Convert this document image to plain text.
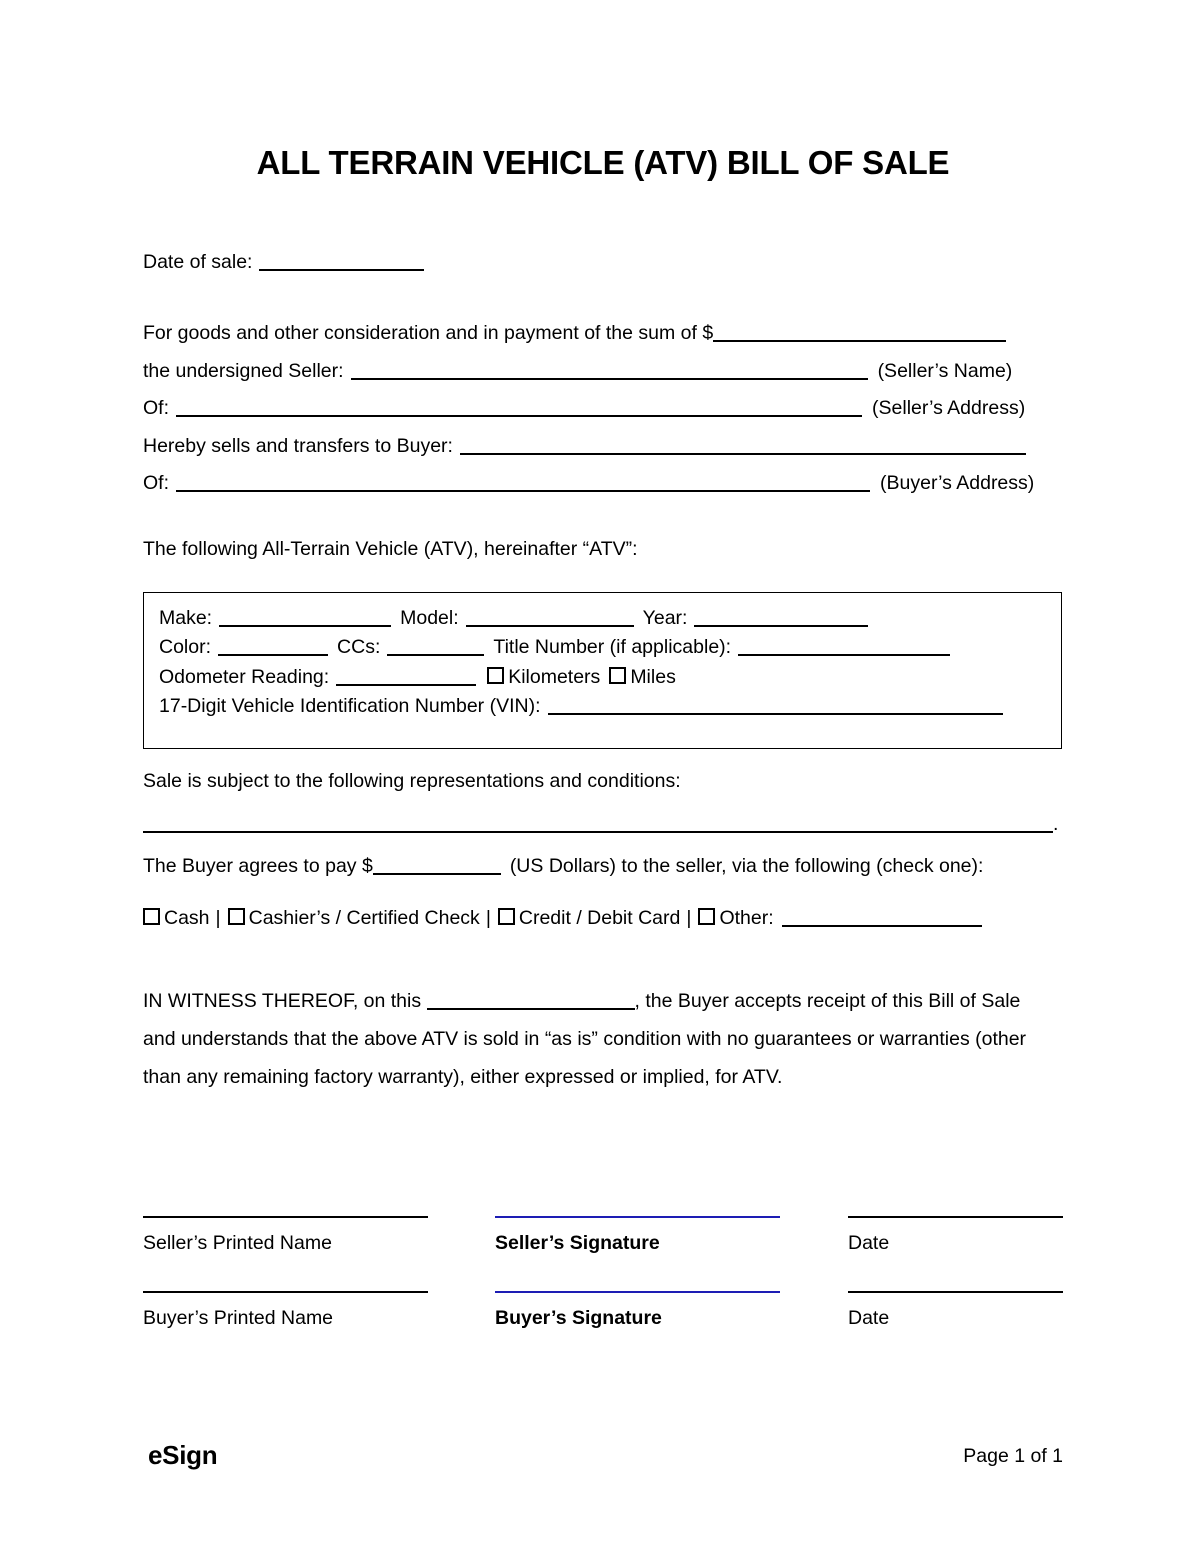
ALL TERRAIN VEHICLE (ATV) BILL OF SALE
Date of sale:
For goods and other consideration and in payment of the sum of $
the undersigned Seller:	(Seller’s Name)
Of:	(Seller’s Address)
Hereby sells and transfers to Buyer:
Of:	(Buyer’s Address)
The following All-Terrain Vehicle (ATV), hereinafter “ATV”:
Make:	Model:	Year:
Color:	CCs:	Title Number (if applicable):
Odometer Reading:	Kilometers Miles
17-Digit Vehicle Identification Number (VIN):
Sale is subject to the following representations and conditions:
.
The Buyer agrees to pay $	(US Dollars) to the seller, via the following (check one):
Cash | Cashier’s / Certified Check | Credit / Debit Card | Other:
IN WITNESS THEREOF, on this	, the Buyer accepts receipt of this Bill of Sale and understands that the above ATV is sold in “as is” condition with no guarantees or warranties (other than any remaining factory warranty), either expressed or implied, for ATV.
Seller’s Printed Name	Seller’s Signature	Date
Buyer’s Printed Name	Buyer’s Signature	Date
eSign	Page 1 of 1
